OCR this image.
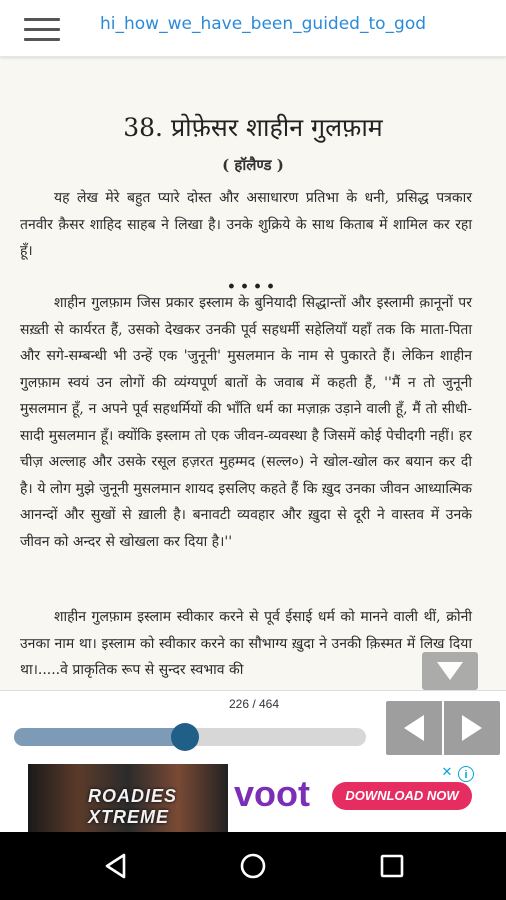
hi_how_we_have_been_guided_to_god
38. प्रोफ़ेसर शाहीन गुलफ़ाम
( हॉलैण्ड )

यह लेख मेरे बहुत प्यारे दोस्त और असाधारण प्रतिभा के धनी, प्रसिद्ध पत्रकार तनवीर क़ैसर शाहिद साहब ने लिखा है। उनके शुक्रिये के साथ किताब में शामिल कर रहा हूँ।

....

शाहीन गुलफ़ाम जिस प्रकार इस्लाम के बुनियादी सिद्धान्तों और इस्लामी क़ानूनों पर सख़्ती से कार्यरत हैं, उसको देखकर उनकी पूर्व सहधर्मी सहेलियाँ यहाँ तक कि माता-पिता और सगे-सम्बन्धी भी उन्हें एक 'जुनूनी' मुसलमान के नाम से पुकारते हैं। लेकिन शाहीन गुलफ़ाम स्वयं उन लोगों की व्यंग्यपूर्ण बातों के जवाब में कहती हैं, ''मैं न तो जुनूनी मुसलमान हूँ, न अपने पूर्व सहधर्मियों की भाँति धर्म का मज़ाक़ उड़ाने वाली हूँ, मैं तो सीधी-सादी मुसलमान हूँ। क्योंकि इस्लाम तो एक जीवन-व्यवस्था है जिसमें कोई पेचीदगी नहीं। हर चीज़ अल्लाह और उसके रसूल हज़रत मुहम्मद (सल्ल०) ने खोल-खोल कर बयान कर दी है। ये लोग मुझे जुनूनी मुसलमान शायद इसलिए कहते हैं कि ख़ुद उनका जीवन आध्यात्मिक आनन्दों और सुखों से ख़ाली है। बनावटी व्यवहार और ख़ुदा से दूरी ने वास्तव में उनके जीवन को अन्दर से खोखला कर दिया है।''

शाहीन गुलफ़ाम इस्लाम स्वीकार करने से पूर्व ईसाई धर्म को मानने वाली थीं, क्रोनी उनका नाम था। इस्लाम को स्वीकार करने का सौभाग्य ख़ुदा ने उनकी क़िस्मत में लिख दिया था।.....वे प्राकृतिक रूप से सुन्दर स्वभाव की

226 / 464
ROADIES XTREME
voot	DOWNLOAD NOW
✕	i
